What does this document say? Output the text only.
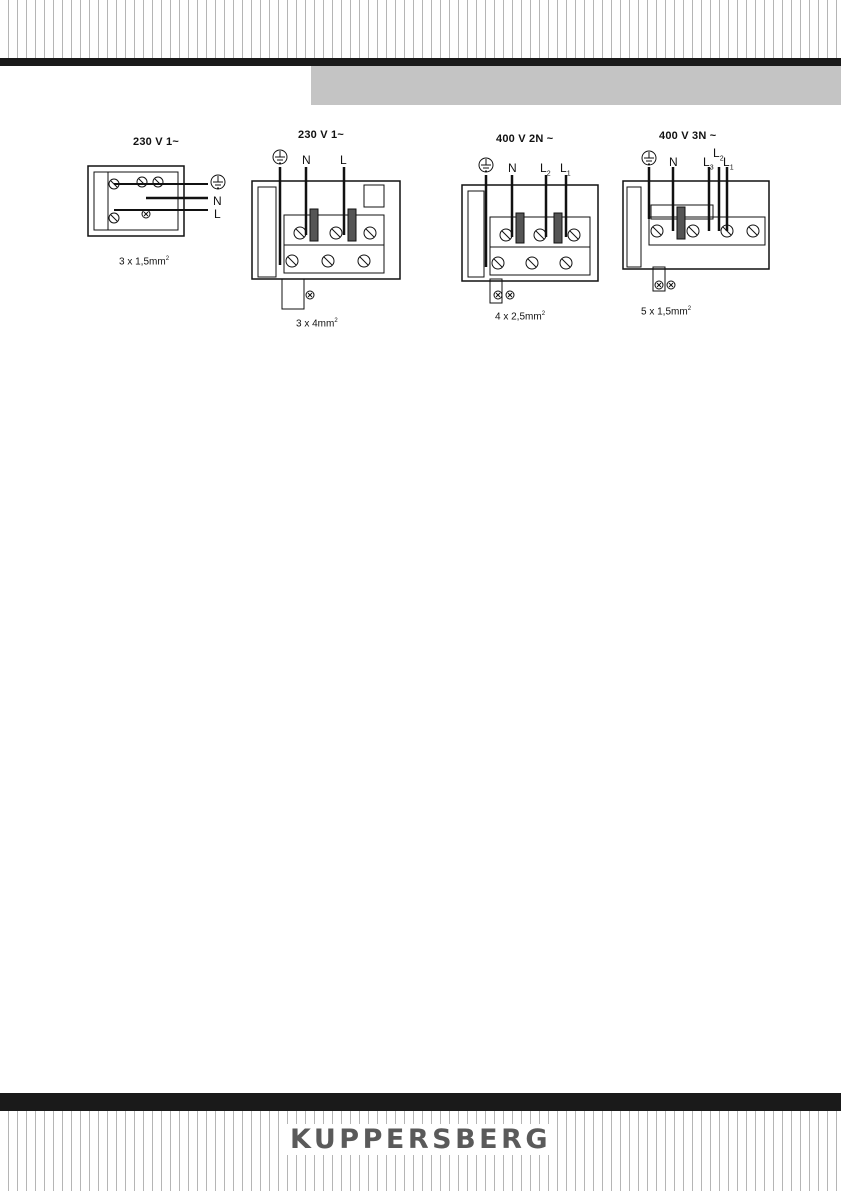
230 V 1~
N
L
3 x $1,5mm^2$
230 V 1~
N L
3 x $4mm^2$
400 V 2N ~
N $L_2$ $L_1$
4 x $2,5mm^2$
400 V 3N ~
N $L_3$
$L_2$ $L_1$
5 x $1,5mm^2$
KUPPERSBERG
